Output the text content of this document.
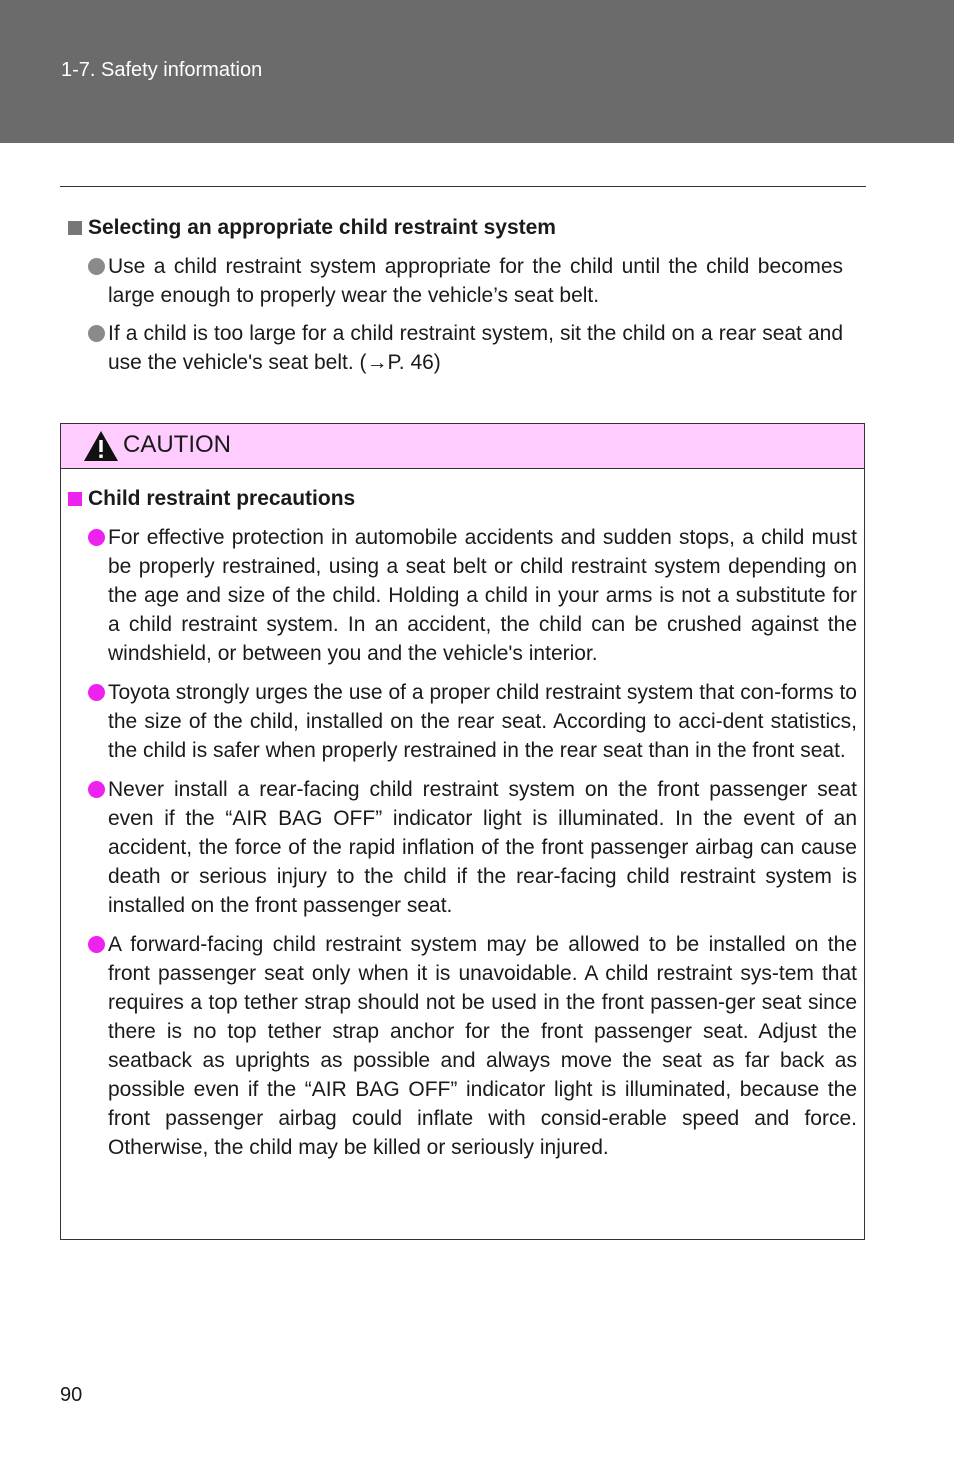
1-7. Safety information
Selecting an appropriate child restraint system
Use a child restraint system appropriate for the child until the child becomes large enough to properly wear the vehicle’s seat belt.
If a child is too large for a child restraint system, sit the child on a rear seat and use the vehicle's seat belt. (→P. 46)
CAUTION
Child restraint precautions
For effective protection in automobile accidents and sudden stops, a child must be properly restrained, using a seat belt or child restraint system depending on the age and size of the child. Holding a child in your arms is not a substitute for a child restraint system. In an accident, the child can be crushed against the windshield, or between you and the vehicle's interior.
Toyota strongly urges the use of a proper child restraint system that con-forms to the size of the child, installed on the rear seat. According to acci-dent statistics, the child is safer when properly restrained in the rear seat than in the front seat.
Never install a rear-facing child restraint system on the front passenger seat even if the “AIR BAG OFF” indicator light is illuminated. In the event of an accident, the force of the rapid inflation of the front passenger airbag can cause death or serious injury to the child if the rear-facing child restraint system is installed on the front passenger seat.
A forward-facing child restraint system may be allowed to be installed on the front passenger seat only when it is unavoidable. A child restraint sys-tem that requires a top tether strap should not be used in the front passen-ger seat since there is no top tether strap anchor for the front passenger seat. Adjust the seatback as uprights as possible and always move the seat as far back as possible even if the “AIR BAG OFF” indicator light is illuminated, because the front passenger airbag could inflate with consid-erable speed and force. Otherwise, the child may be killed or seriously injured.
90
